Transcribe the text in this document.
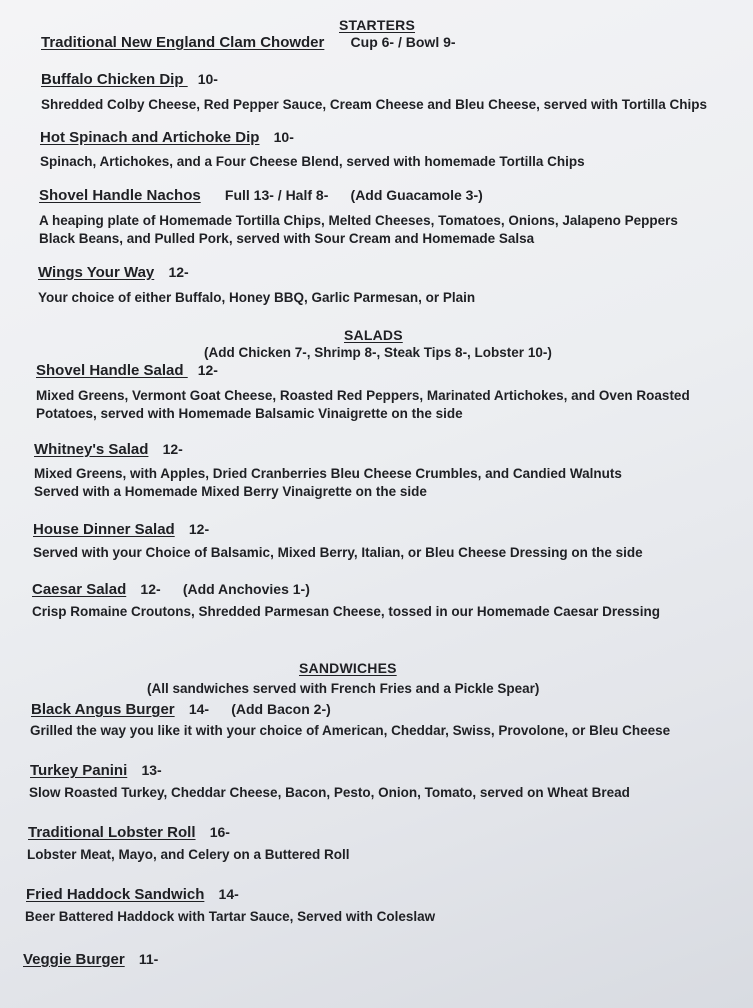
STARTERS
Traditional New England Clam Chowder Cup 6- / Bowl 9-
Buffalo Chicken Dip 10-
Shredded Colby Cheese, Red Pepper Sauce, Cream Cheese and Bleu Cheese, served with Tortilla Chips
Hot Spinach and Artichoke Dip 10-
Spinach, Artichokes, and a Four Cheese Blend, served with homemade Tortilla Chips
Shovel Handle Nachos Full 13- / Half 8- (Add Guacamole 3-)
A heaping plate of Homemade Tortilla Chips, Melted Cheeses, Tomatoes, Onions, Jalapeno Peppers
Black Beans, and Pulled Pork, served with Sour Cream and Homemade Salsa
Wings Your Way 12-
Your choice of either Buffalo, Honey BBQ, Garlic Parmesan, or Plain
SALADS
(Add Chicken 7-, Shrimp 8-, Steak Tips 8-, Lobster 10-)
Shovel Handle Salad 12-
Mixed Greens, Vermont Goat Cheese, Roasted Red Peppers, Marinated Artichokes, and Oven Roasted
Potatoes, served with Homemade Balsamic Vinaigrette on the side
Whitney's Salad 12-
Mixed Greens, with Apples, Dried Cranberries Bleu Cheese Crumbles, and Candied Walnuts
Served with a Homemade Mixed Berry Vinaigrette on the side
House Dinner Salad 12-
Served with your Choice of Balsamic, Mixed Berry, Italian, or Bleu Cheese Dressing on the side
Caesar Salad 12- (Add Anchovies 1-)
Crisp Romaine Croutons, Shredded Parmesan Cheese, tossed in our Homemade Caesar Dressing
SANDWICHES
(All sandwiches served with French Fries and a Pickle Spear)
Black Angus Burger 14- (Add Bacon 2-)
Grilled the way you like it with your choice of American, Cheddar, Swiss, Provolone, or Bleu Cheese
Turkey Panini 13-
Slow Roasted Turkey, Cheddar Cheese, Bacon, Pesto, Onion, Tomato, served on Wheat Bread
Traditional Lobster Roll 16-
Lobster Meat, Mayo, and Celery on a Buttered Roll
Fried Haddock Sandwich 14-
Beer Battered Haddock with Tartar Sauce, Served with Coleslaw
Veggie Burger 11-
